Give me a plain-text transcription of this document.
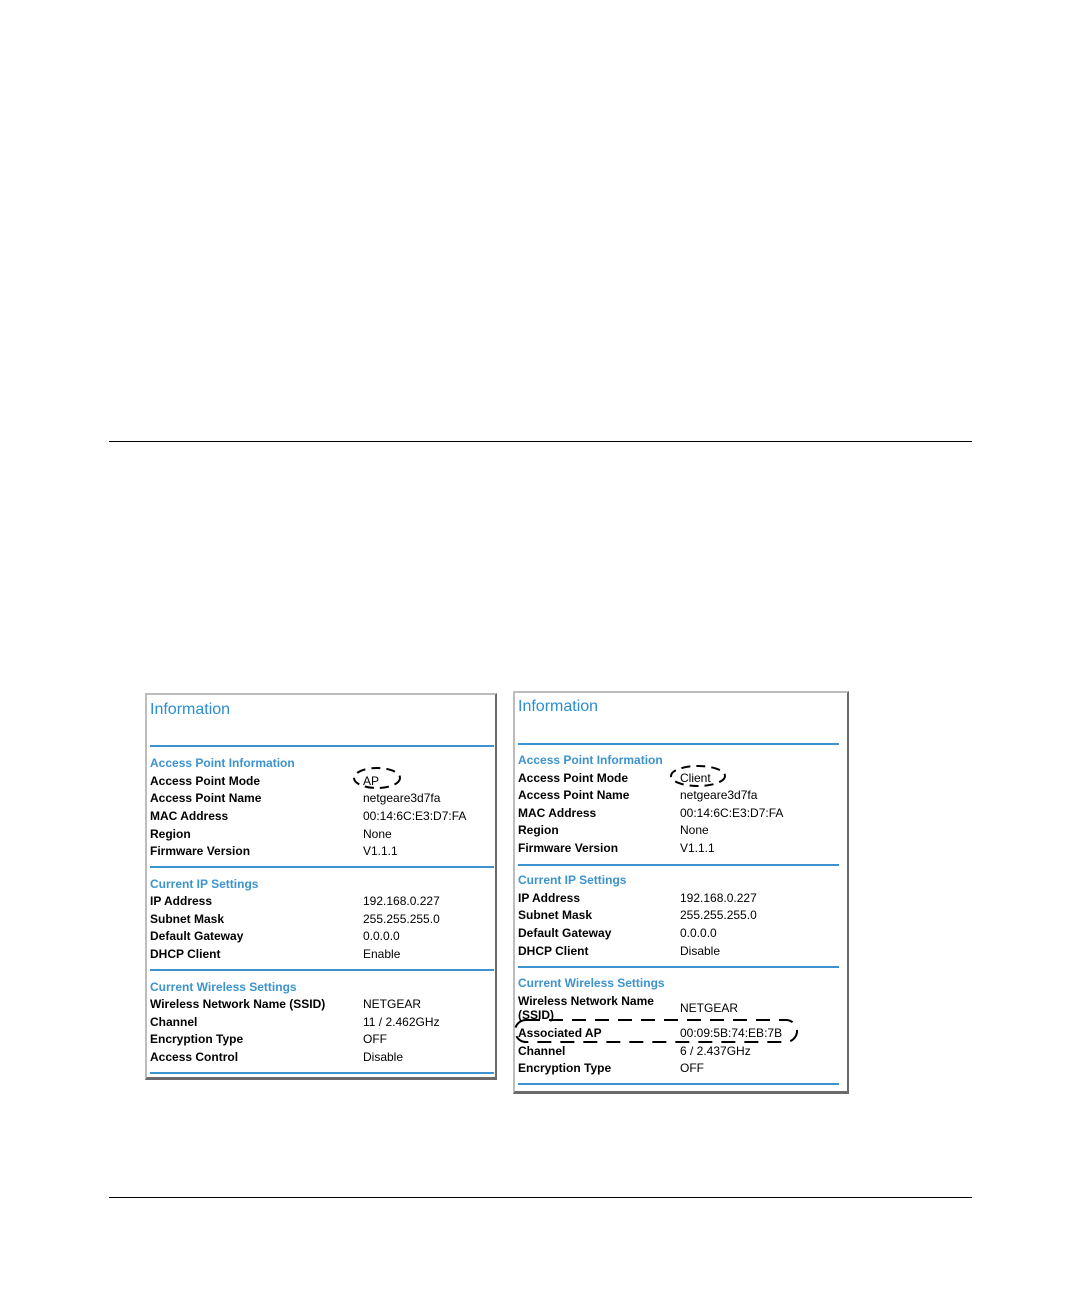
Information
Access Point Information
Access Point Mode	AP
Access Point Name	netgeare3d7fa
MAC Address	00:14:6C:E3:D7:FA
Region	None
Firmware Version	V1.1.1
Current IP Settings
IP Address	192.168.0.227
Subnet Mask	255.255.255.0
Default Gateway	0.0.0.0
DHCP Client	Enable
Current Wireless Settings
Wireless Network Name (SSID)	NETGEAR
Channel	11 / 2.462GHz
Encryption Type	OFF
Access Control	Disable
Information
Access Point Information
Access Point Mode	Client
Access Point Name	netgeare3d7fa
MAC Address	00:14:6C:E3:D7:FA
Region	None
Firmware Version	V1.1.1
Current IP Settings
IP Address	192.168.0.227
Subnet Mask	255.255.255.0
Default Gateway	0.0.0.0
DHCP Client	Disable
Current Wireless Settings
Wireless Network Name (SSID)	NETGEAR
Associated AP	00:09:5B:74:EB:7B
Channel	6 / 2.437GHz
Encryption Type	OFF
